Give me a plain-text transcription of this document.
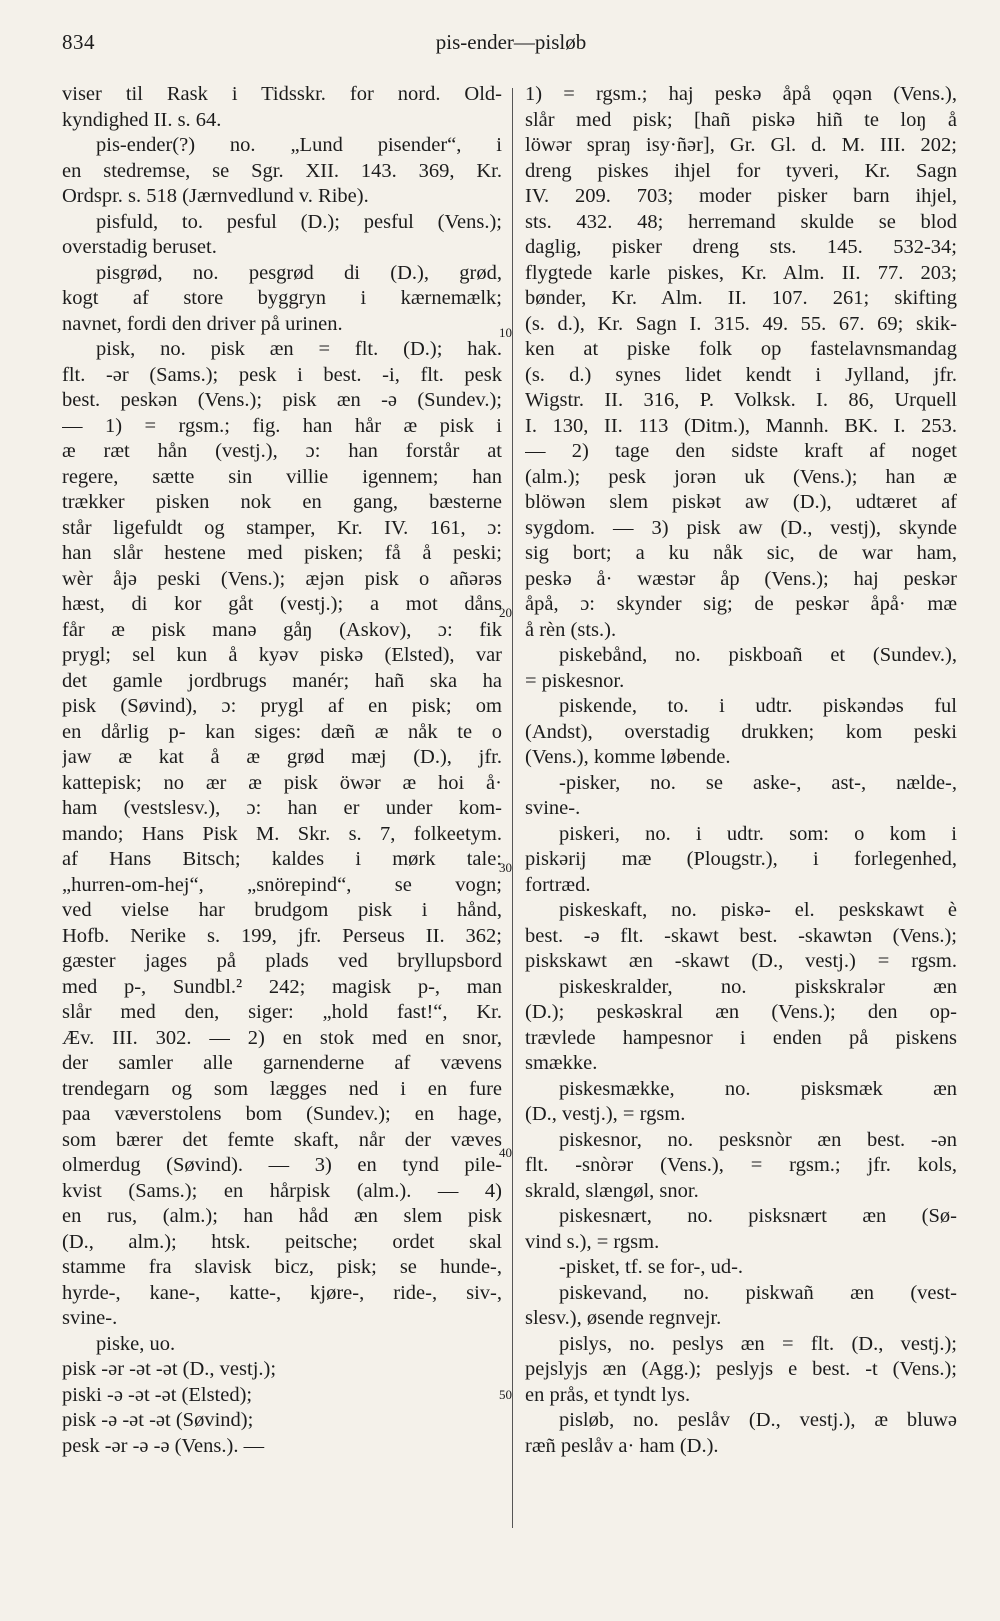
834	pis-ender—pisløb
viser til Rask i Tidsskr. for nord. Old-
kyndighed II. s. 64.
pis-ender(?) no. „Lund pisender“, i
en stedremse, se Sgr. XII. 143. 369, Kr.
Ordspr. s. 518 (Jærnvedlund v. Ribe).
pisfuld, to. pesful (D.); pesful (Vens.);
overstadig beruset.
pisgrød, no. pesgrød di (D.), grød,
kogt af store byggryn i kærnemælk;
navnet, fordi den driver på urinen.
pisk, no. pisk æn = flt. (D.); hak.
flt. -ər (Sams.); pesk i best. -i, flt. pesk
best. peskən (Vens.); pisk æn -ə (Sundev.);
— 1) = rgsm.; fig. han hår æ pisk i
æ ræt hån (vestj.), ɔ: han forstår at
regere, sætte sin villie igennem; han
trækker pisken nok en gang, bæsterne
står ligefuldt og stamper, Kr. IV. 161, ɔ:
han slår hestene med pisken; få å peski;
wèr åjə peski (Vens.); æjən pisk o añərəs
hæst, di kor gåt (vestj.); a mot dåns
får æ pisk manə gåŋ (Askov), ɔ: fik
prygl; sel kun å kyəv piskə (Elsted), var
det gamle jordbrugs manér; hañ ska ha
pisk (Søvind), ɔ: prygl af en pisk; om
en dårlig p- kan siges: dæñ æ nåk te o
jaw æ kat å æ grød mæj (D.), jfr.
kattepisk; no ær æ pisk öwər æ hoi å·
ham (vestslesv.), ɔ: han er under kom-
mando; Hans Pisk M. Skr. s. 7, folkeetym.
af Hans Bitsch; kaldes i mørk tale:
„hurren-om-hej“, „snörepind“, se vogn;
ved vielse har brudgom pisk i hånd,
Hofb. Nerike s. 199, jfr. Perseus II. 362;
gæster jages på plads ved bryllupsbord
med p-, Sundbl.² 242; magisk p-, man
slår med den, siger: „hold fast!“, Kr.
Æv. III. 302. — 2) en stok med en snor,
der samler alle garnenderne af vævens
trendegarn og som lægges ned i en fure
paa væverstolens bom (Sundev.); en hage,
som bærer det femte skaft, når der væves
olmerdug (Søvind). — 3) en tynd pile-
kvist (Sams.); en hårpisk (alm.). — 4)
en rus, (alm.); han håd æn slem pisk
(D., alm.); htsk. peitsche; ordet skal
stamme fra slavisk bicz, pisk; se hunde-,
hyrde-, kane-, katte-, kjøre-, ride-, siv-,
svine-.
piske, uo.
pisk -ər -ət -ət (D., vestj.);
piski -ə -ət -ət (Elsted);
pisk -ə -ət -ət (Søvind);
pesk -ər -ə -ə (Vens.). —
1) = rgsm.; haj peskə åpå ǫqən (Vens.),
slår med pisk; [hañ piskə hiñ te loŋ å
löwər spraŋ isy·ñər], Gr. Gl. d. M. III. 202;
dreng piskes ihjel for tyveri, Kr. Sagn
IV. 209. 703; moder pisker barn ihjel,
sts. 432. 48; herremand skulde se blod
daglig, pisker dreng sts. 145. 532-34;
flygtede karle piskes, Kr. Alm. II. 77. 203;
bønder, Kr. Alm. II. 107. 261; skifting
(s. d.), Kr. Sagn I. 315. 49. 55. 67. 69; skik-
ken at piske folk op fastelavnsmandag
(s. d.) synes lidet kendt i Jylland, jfr.
Wigstr. II. 316, P. Volksk. I. 86, Urquell
I. 130, II. 113 (Ditm.), Mannh. BK. I. 253.
— 2) tage den sidste kraft af noget
(alm.); pesk jorən uk (Vens.); han æ
blöwən slem piskət aw (D.), udtæret af
sygdom. — 3) pisk aw (D., vestj), skynde
sig bort; a ku nåk sic, de war ham,
peskə å· wæstər åp (Vens.); haj peskər
åpå, ɔ: skynder sig; de peskər åpå· mæ
å rèn (sts.).
piskebånd, no. piskboañ et (Sundev.),
= piskesnor.
piskende, to. i udtr. piskəndəs ful
(Andst), overstadig drukken; kom peski
(Vens.), komme løbende.
-pisker, no. se aske-, ast-, nælde-,
svine-.
piskeri, no. i udtr. som: o kom i
piskərij mæ (Plougstr.), i forlegenhed,
fortræd.
piskeskaft, no. piskə- el. peskskawt è
best. -ə flt. -skawt best. -skawtən (Vens.);
piskskawt æn -skawt (D., vestj.) = rgsm.
piskeskralder, no. piskskralər æn
(D.); peskəskral æn (Vens.); den op-
trævlede hampesnor i enden på piskens
smække.
piskesmække, no. pisksmæk æn
(D., vestj.), = rgsm.
piskesnor, no. pesksnòr æn best. -ən
flt. -snòrər (Vens.), = rgsm.; jfr. kols,
skrald, slængøl, snor.
piskesnært, no. pisksnært æn (Sø-
vind s.), = rgsm.
-pisket, tf. se for-, ud-.
piskevand, no. piskwañ æn (vest-
slesv.), øsende regnvejr.
pislys, no. peslys æn = flt. (D., vestj.);
pejslyjs æn (Agg.); peslyjs e best. -t (Vens.);
en prås, et tyndt lys.
pisløb, no. peslåv (D., vestj.), æ bluwə
ræñ peslåv a· ham (D.).
10
20
30
40
50
